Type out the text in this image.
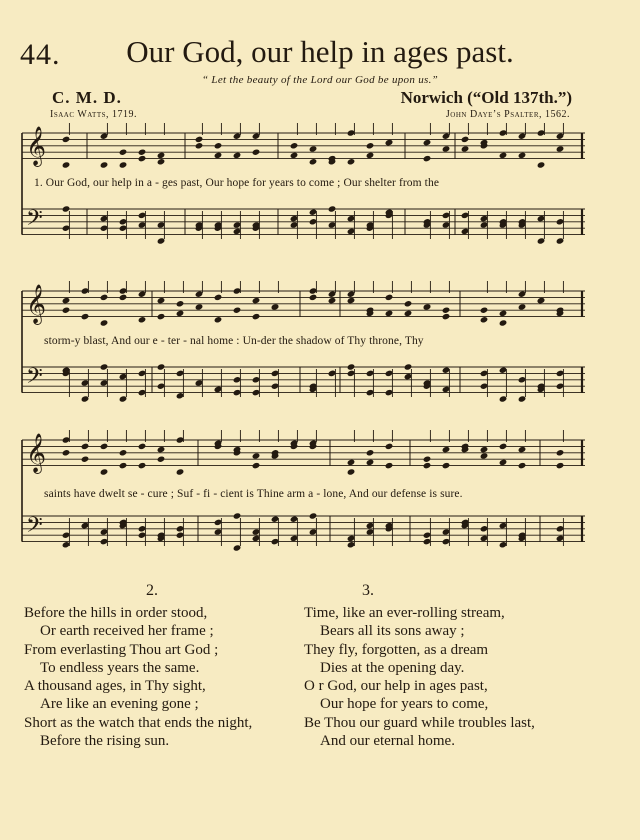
44.	Our God, our help in ages past.
“ Let the beauty of the Lord our God be upon us.”
C. M. D.	Norwich (“Old 137th.”)
Isaac Watts, 1719.	John Daye’s Psalter, 1562.
𝄞
𝄢
𝄞
𝄢
𝄞
𝄢
1. Our God, our help in a - ges past, Our hope for years to come ; Our shelter from the
storm-y blast, And our e - ter - nal home : Un-der the shadow of Thy throne, Thy
saints have dwelt se - cure ; Suf - fi - cient is Thine arm a - lone, And our defense is sure.
2.	3.
Before the hills in order stood,
Or earth received her frame ;
From everlasting Thou art God ;
To endless years the same.
A thousand ages, in Thy sight,
Are like an evening gone ;
Short as the watch that ends the night,
Before the rising sun.
Time, like an ever-rolling stream,
Bears all its sons away ;
They fly, forgotten, as a dream
Dies at the opening day.
O r God, our help in ages past,
Our hope for years to come,
Be Thou our guard while troubles last,
And our eternal home.
